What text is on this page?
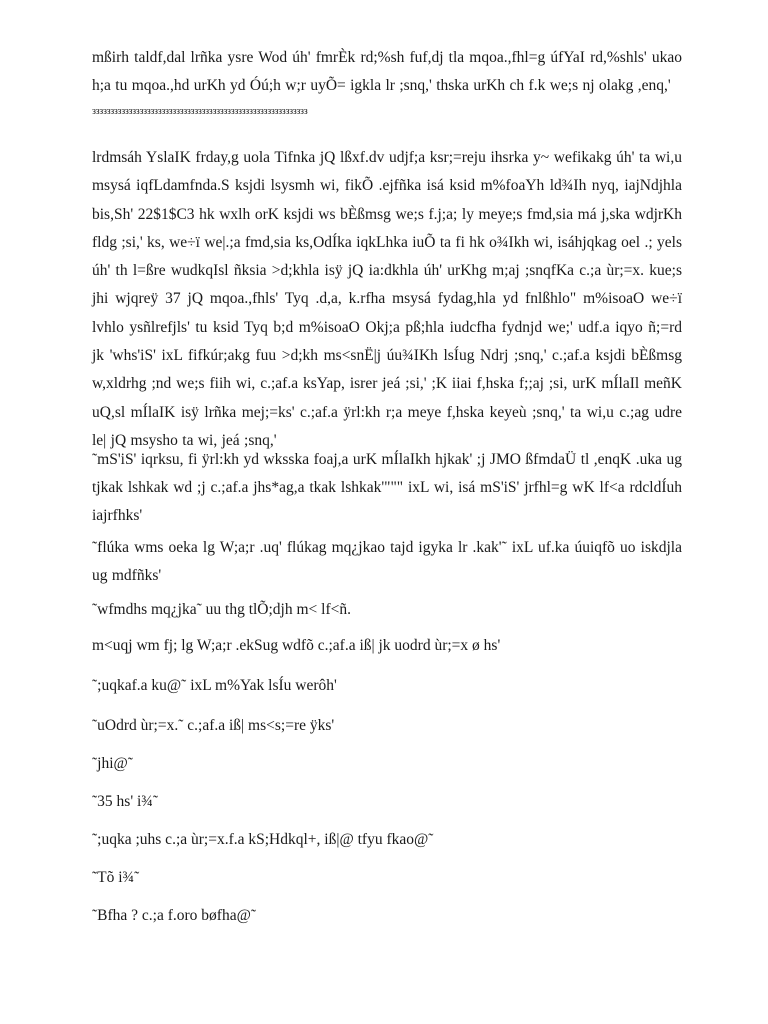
mßirh taldf,dal lrñka ysre Wod úh' fmrÈk rd;%sh fuf,dj tla mqoa.,fhl=g úfYaI rd,%shls' ukao h;a tu mqoa.,hd urKh yd Óú;h w;r uyÕ= igkla lr ;snq,' thska urKh ch f.k we;s nj olakg ,enq,'

ᴈᴈᴈᴈᴈᴈᴈᴈᴈᴈᴈᴈᴈᴈᴈᴈᴈᴈᴈᴈᴈᴈᴈᴈᴈᴈᴈᴈᴈᴈᴈᴈᴈᴈᴈᴈᴈᴈᴈᴈᴈᴈᴈᴈᴈᴈᴈᴈᴈᴈᴈᴈᴈᴈᴈᴈᴈᴈᴈ

lrdmsáh YslaIK frday,g uola Tifnka jQ lßxf.dv udjf;a ksr;=reju ihsrka y~ wefikakg úh' ta wi,u msysá iqfLdamfnda.S ksjdi lsysmh wi, fikÕ .ejfñka isá ksid m%foaYh ld¾Ih nyq, iajNdjhla bis,Sh' 22$1$C3 hk wxlh orK ksjdi ws bÈßmsg we;s f.j;a; ly meye;s fmd,sia má j,ska wdjrKh fldg ;si,' ks, we÷ï we|.;a fmd,sia ks,OdÍka iqkLhka iuÕ ta fi hk o¾Ikh wi, isáhjqkag oel .; yels úh' th l=ßre wudkqIsl ñksia >d;khla isÿ jQ ia:dkhla úh' urKhg m;aj ;snqfKa c.;a ùr;=x. kue;s jhi wjqreÿ 37 jQ mqoa.,fhls' Tyq .d,a, k.rfha msysá fydag,hla yd fnlßhlo" m%isoaO we÷ï lvhlo ysñlrefjls' tu ksid Tyq b;d m%isoaO Okj;a pß;hla iudcfha fydnjd we;' udf.a iqyo ñ;=rd jk 'whs'iS' ixL fifkúr;akg fuu >d;kh ms<snË|j úu¾IKh lsÍug Ndrj ;snq,' c.;af.a ksjdi bÈßmsg w,xldrhg ;nd we;s fiih wi, c.;af.a ksYap, isrer jeá ;si,' ;K iiai f,hska f;;aj ;si, urK mÍlaIl meñK uQ,sl mÍlaIK isÿ lrñka mej;=ks' c.;af.a ÿrl:kh r;a meye f,hska keyeù ;snq,' ta wi,u c.;ag udre le| jQ msysho ta wi, jeá ;snq,'

˜mS'iS' iqrksu, fi ÿrl:kh yd wksska foaj,a urK mÍlaIkh hjkak' ;j JMO ßfmdaÜ tl ,enqK .uka ug tjkak lshkak wd ;j c.;af.a jhs*ag,a tkak lshkak'""" ixL wi, isá mS'iS' jrfhl=g wK lf<a rdcldÍuh iajrfhks'

˜flúka wms oeka lg W;a;r .uq' flúkag mq¿jkao tajd igyka lr .kak'˜ ixL uf.ka úuiqfõ uo iskdjla ug mdfñks'

˜wfmdhs mq¿jka˜ uu thg tlÕ;djh m< lf<ñ.

m<uqj wm fj; lg W;a;r .ekSug wdfõ c.;af.a iß| jk uodrd ùr;=x ø hs'

˜;uqkaf.a ku@˜ ixL m%Yak lsÍu werôh'

˜uOdrd ùr;=x.˜ c.;af.a iß| ms<s;=re ÿks'

˜jhi@˜

˜35 hs' i¾˜

˜;uqka ;uhs c.;a ùr;=x.f.a kS;Hdkql+, iß|@ tfyu fkao@˜

˜Tõ i¾˜

˜Bfha ? c.;a f.oro bøfha@˜
